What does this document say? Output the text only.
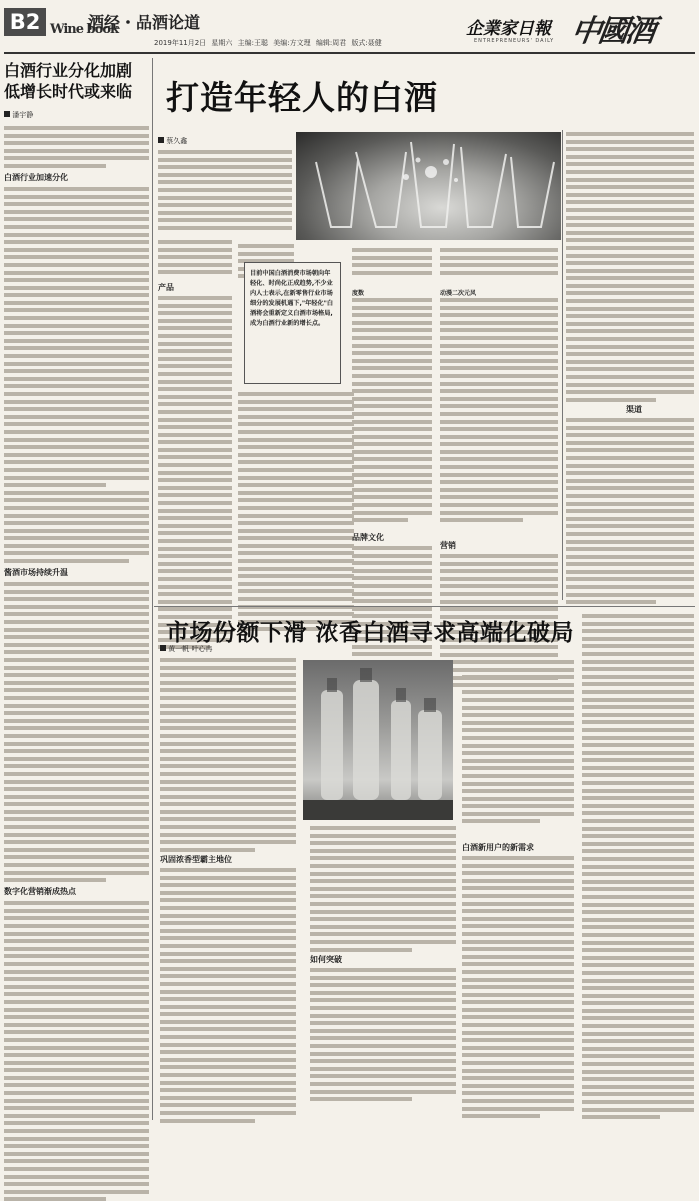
B2 Wine book
酒经・品酒论道
2019年11月2日 星期六 主编:王聪 美编:方文理 编辑:周君 版式:聂健
企業家日報
ENTREPRENEURS' DAILY 中國酒
白酒行业分化加剧
低增长时代或来临
潘宇静
白酒行业加速分化
酱酒市场持续升温
数字化营销渐成热点
打造年轻人的白酒
蔡久鑫
产品
目前中国白酒消费市场朝向年轻化、时尚化正成趋势,不少业内人士表示,在新零售行业市场细分的发展机遇下,"年轻化"白酒将会重新定义白酒市场格局,成为白酒行业新的增长点。
度数
品牌文化
动漫二次元风
营销
渠道
市场份额下滑 浓香白酒寻求高端化破局
黄一帆 叶心冉
巩固浓香型霸主地位
如何突破
白酒新用户的新需求
